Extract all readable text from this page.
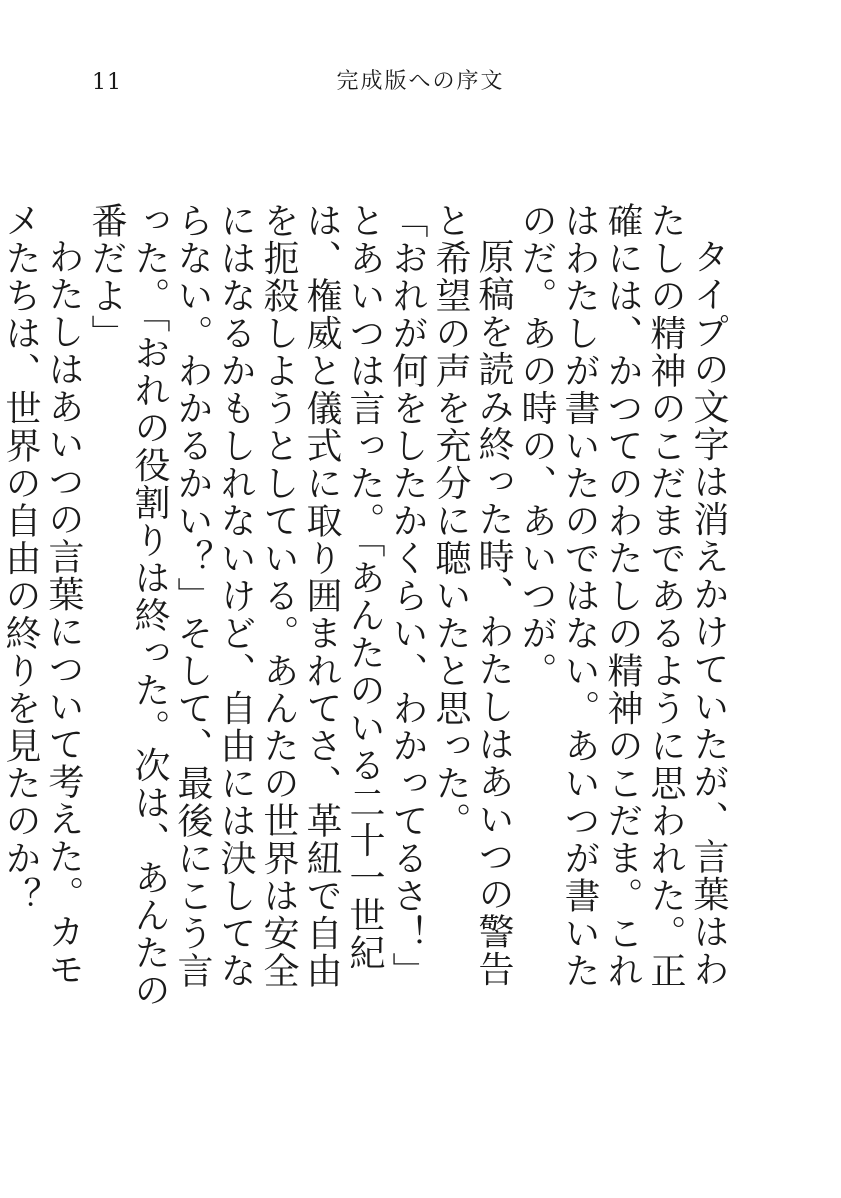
11	完成版への序文

タイプの文字は消えかけていたが、言葉はわたしの精神のこだまであるように思われた。正確には、かつてのわたしの精神のこだま。これはわたしが書いたのではない。あいつが書いたのだ。あの時の、あいつが。

原稿を読み終った時、わたしはあいつの警告と希望の声を充分に聴いたと思った。

「おれが何をしたかくらい、わかってるさ！」とあいつは言った。「あんたのいる二十一世紀は、権威と儀式に取り囲まれてさ、革紐で自由を扼殺しようとしている。あんたの世界は安全にはなるかもしれないけど、自由には決してならない。わかるかい？」そして、最後にこう言った。「おれの役割りは終った。次は、あんたの番だよ」

わたしはあいつの言葉について考えた。カモメたちは、世界の自由の終りを見たのか？
